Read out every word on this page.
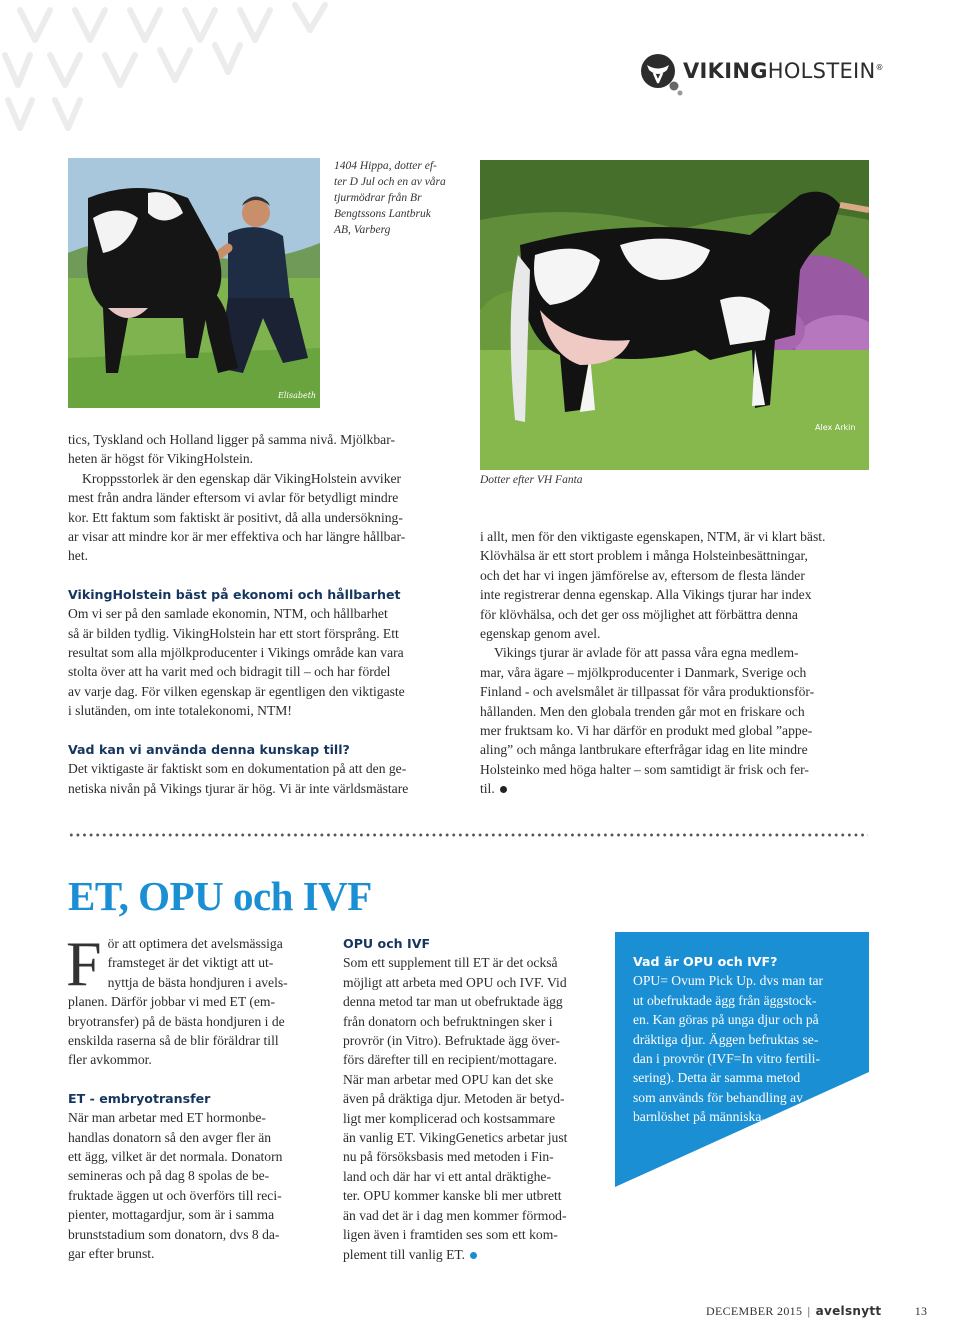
VIKINGHOLSTEIN®
Elisabeth
1404 Hippa, dotter ef-
ter D Jul och en av våra
tjurmödrar från Br
Bengtssons Lantbruk
AB, Varberg
Alex Arkin
Dotter efter VH Fanta

tics, Tyskland och Holland ligger på samma nivå. Mjölkbar-
heten är högst för VikingHolstein.

Kroppsstorlek är den egenskap där VikingHolstein avviker
mest från andra länder eftersom vi avlar för betydligt mindre
kor. Ett faktum som faktiskt är positivt, då alla undersökning-
ar visar att mindre kor är mer effektiva och har längre hållbar-
het.

VikingHolstein bäst på ekonomi och hållbarhet

Om vi ser på den samlade ekonomin, NTM, och hållbarhet
så är bilden tydlig. VikingHolstein har ett stort försprång. Ett
resultat som alla mjölkproducenter i Vikings område kan vara
stolta över att ha varit med och bidragit till – och har fördel
av varje dag. För vilken egenskap är egentligen den viktigaste
i slutänden, om inte totalekonomi, NTM!

Vad kan vi använda denna kunskap till?

Det viktigaste är faktiskt som en dokumentation på att den ge-
netiska nivån på Vikings tjurar är hög. Vi är inte världsmästare

i allt, men för den viktigaste egenskapen, NTM, är vi klart bäst.
Klövhälsa är ett stort problem i många Holsteinbesättningar,
och det har vi ingen jämförelse av, eftersom de flesta länder
inte registrerar denna egenskap. Alla Vikings tjurar har index
för klövhälsa, och det ger oss möjlighet att förbättra denna
egenskap genom avel.

Vikings tjurar är avlade för att passa våra egna medlem-
mar, våra ägare – mjölkproducenter i Danmark, Sverige och
Finland - och avelsmålet är tillpassat för våra produktionsför-
hållanden. Men den globala trenden går mot en friskare och
mer fruktsam ko. Vi har därför en produkt med global ”appe-
aling” och många lantbrukare efterfrågar idag en lite mindre
Holsteinko med höga halter – som samtidigt är frisk och fer-
til.

ET, OPU och IVF

F ör att optimera det avelsmässiga
framsteget är det viktigt att ut-
nyttja de bästa hondjuren i avels-
planen. Därför jobbar vi med ET (em-
bryotransfer) på de bästa hondjuren i de
enskilda raserna så de blir föräldrar till
fler avkommor.

ET - embryotransfer

När man arbetar med ET hormonbe-
handlas donatorn så den avger fler än
ett ägg, vilket är det normala. Donatorn
semineras och på dag 8 spolas de be-
fruktade äggen ut och överförs till reci-
pienter, mottagardjur, som är i samma
brunststadium som donatorn, dvs 8 da-
gar efter brunst.

OPU och IVF

Som ett supplement till ET är det också
möjligt att arbeta med OPU och IVF. Vid
denna metod tar man ut obefruktade ägg
från donatorn och befruktningen sker i
provrör (in Vitro). Befruktade ägg över-
förs därefter till en recipient/mottagare.
När man arbetar med OPU kan det ske
även på dräktiga djur. Metoden är betyd-
ligt mer komplicerad och kostsammare
än vanlig ET. VikingGenetics arbetar just
nu på försöksbasis med metoden i Fin-
land och där har vi ett antal dräktighe-
ter. OPU kommer kanske bli mer utbrett
än vad det är i dag men kommer förmod-
ligen även i framtiden ses som ett kom-
plement till vanlig ET.

Vad är OPU och IVF?

OPU= Ovum Pick Up. dvs man tar
ut obefruktade ägg från äggstock-
en. Kan göras på unga djur och på
dräktiga djur. Äggen befruktas se-
dan i provrör (IVF=In vitro fertili-
sering). Detta är samma metod
som används för behandling av
barnlöshet på människa.

DECEMBER 2015 | avelsnytt	13
